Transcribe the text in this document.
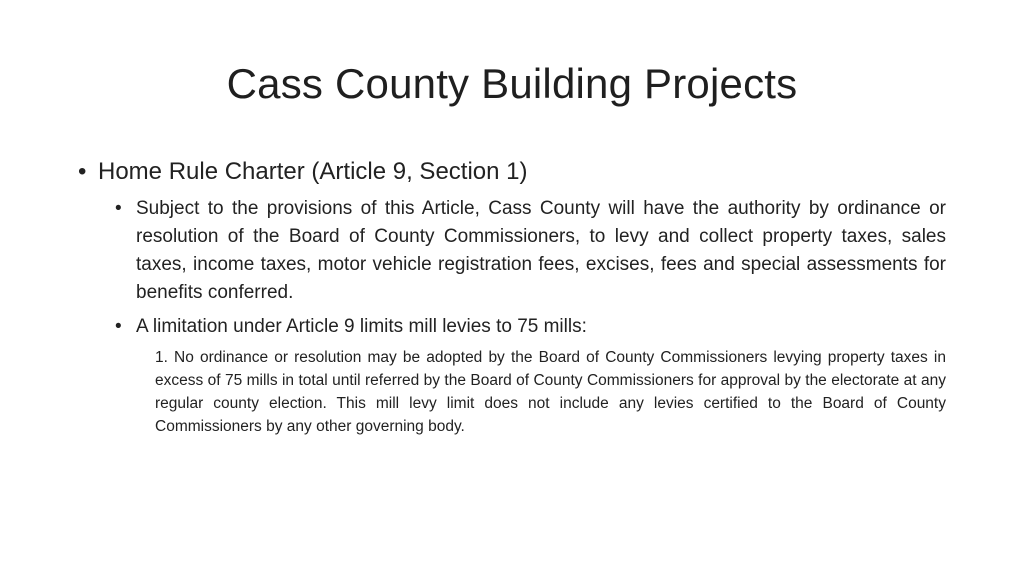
Cass County Building Projects
• Home Rule Charter (Article 9, Section 1)
• Subject to the provisions of this Article, Cass County will have the authority by ordinance or resolution of the Board of County Commissioners, to levy and collect property taxes, sales taxes, income taxes, motor vehicle registration fees, excises, fees and special assessments for benefits conferred.
• A limitation under Article 9 limits mill levies to 75 mills:
1. No ordinance or resolution may be adopted by the Board of County Commissioners levying property taxes in excess of 75 mills in total until referred by the Board of County Commissioners for approval by the electorate at any regular county election. This mill levy limit does not include any levies certified to the Board of County Commissioners by any other governing body.
